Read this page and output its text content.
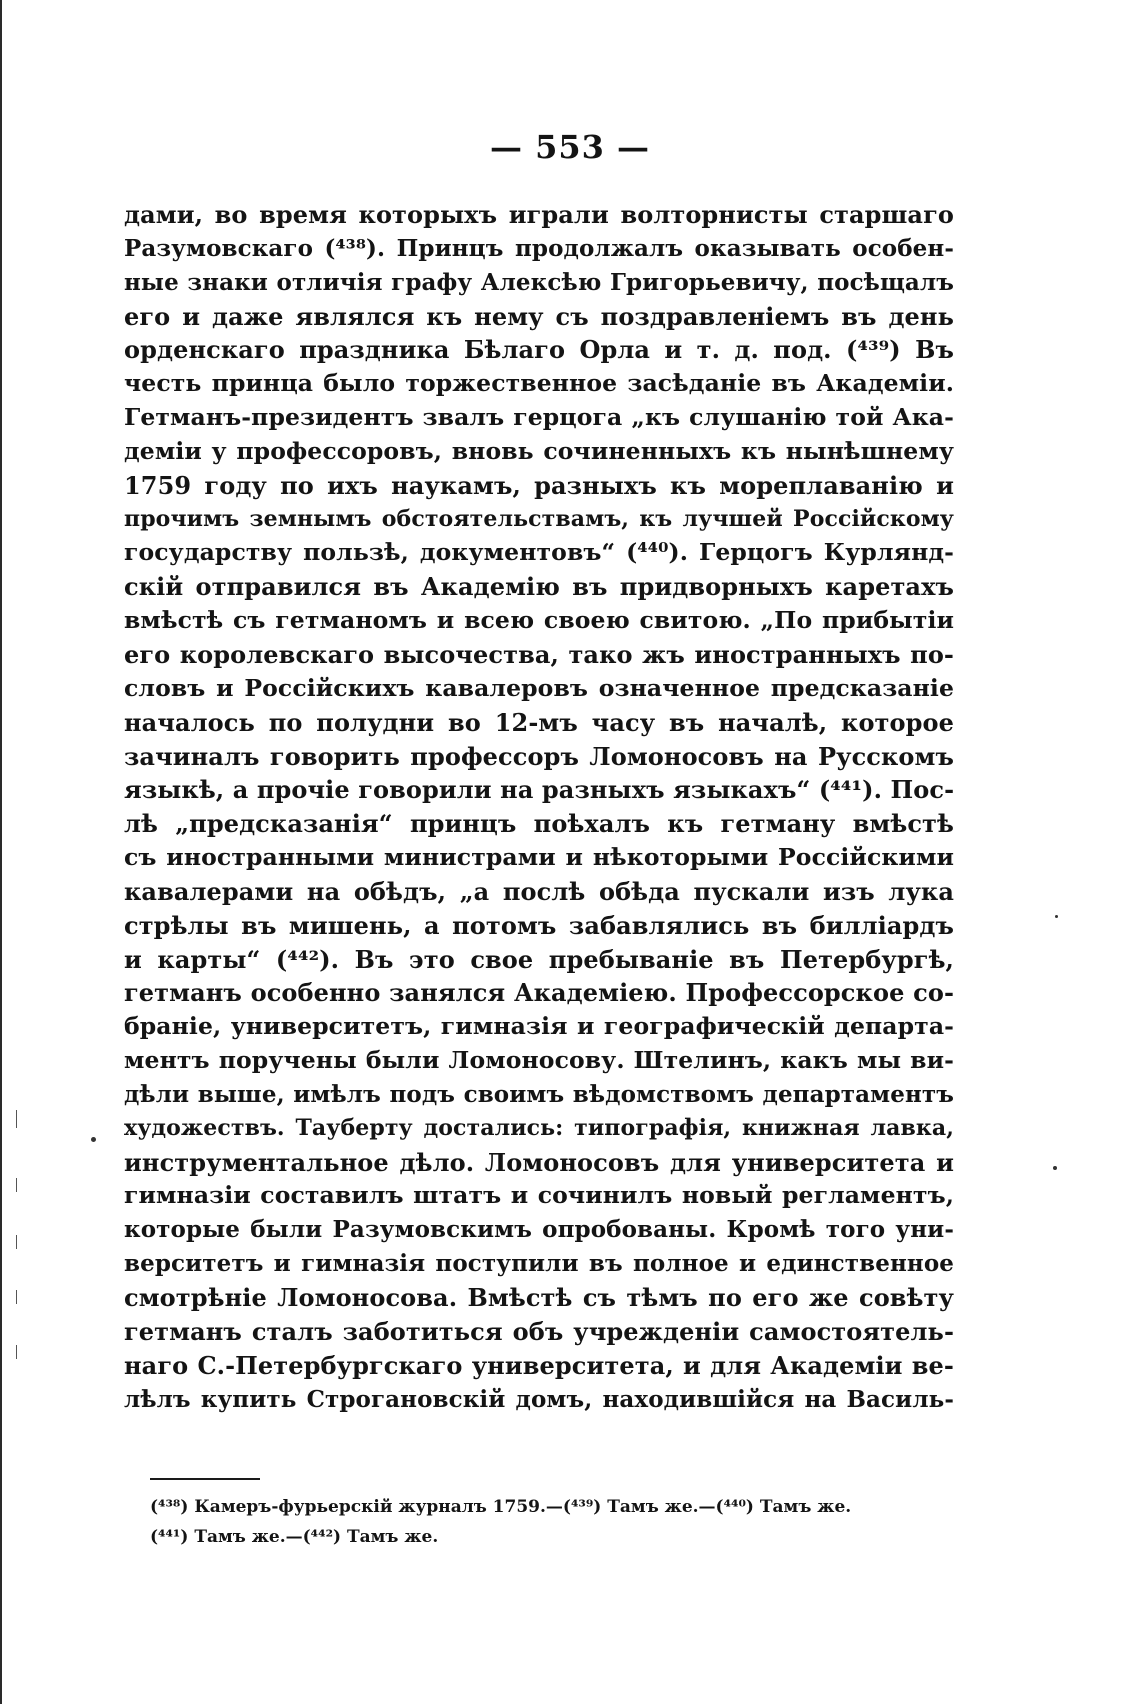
— 553 —
дами, во время которыхъ играли волторнисты старшаго
Разумовскаго (⁴³⁸). Принцъ продолжалъ оказывать особен-
ные знаки отличія графу Алексѣю Григорьевичу, посѣщалъ
его и даже являлся къ нему съ поздравленіемъ въ день
орденскаго праздника Бѣлаго Орла и т. д. под. (⁴³⁹) Въ
честь принца было торжественное засѣданіе въ Академіи.
Гетманъ-президентъ звалъ герцога „къ слушанію той Ака-
деміи у профессоровъ, вновь сочиненныхъ къ нынѣшнему
1759 году по ихъ наукамъ, разныхъ къ мореплаванію и
прочимъ земнымъ обстоятельствамъ, къ лучшей Россійскому
государству пользѣ, документовъ“ (⁴⁴⁰). Герцогъ Курлянд-
скій отправился въ Академію въ придворныхъ каретахъ
вмѣстѣ съ гетманомъ и всею своею свитою. „По прибытіи
его королевскаго высочества, тако жъ иностранныхъ по-
словъ и Россійскихъ кавалеровъ означенное предсказаніе
началось по полудни во 12-мъ часу въ началѣ, которое
зачиналъ говорить профессоръ Ломоносовъ на Русскомъ
языкѣ, а прочіе говорили на разныхъ языкахъ“ (⁴⁴¹). Пос-
лѣ „предсказанія“ принцъ поѣхалъ къ гетману вмѣстѣ
съ иностранными министрами и нѣкоторыми Россійскими
кавалерами на обѣдъ, „а послѣ обѣда пускали изъ лука
стрѣлы въ мишень, а потомъ забавлялись въ билліардъ
и карты“ (⁴⁴²). Въ это свое пребываніе въ Петербургѣ,
гетманъ особенно занялся Академіею. Профессорское со-
браніе, университетъ, гимназія и географическій департа-
ментъ поручены были Ломоносову. Штелинъ, какъ мы ви-
дѣли выше, имѣлъ подъ своимъ вѣдомствомъ департаментъ
художествъ. Тауберту достались: типографія, книжная лавка,
инструментальное дѣло. Ломоносовъ для университета и
гимназіи составилъ штатъ и сочинилъ новый регламентъ,
которые были Разумовскимъ опробованы. Кромѣ того уни-
верситетъ и гимназія поступили въ полное и единственное
смотрѣніе Ломоносова. Вмѣстѣ съ тѣмъ по его же совѣту
гетманъ сталъ заботиться объ учрежденіи самостоятель-
наго С.-Петербургскаго университета, и для Академіи ве-
лѣлъ купить Строгановскій домъ, находившійся на Василь-
(⁴³⁸) Камеръ-фурьерскій журналъ 1759.—(⁴³⁹) Тамъ же.—(⁴⁴⁰) Тамъ же.
(⁴⁴¹) Тамъ же.—(⁴⁴²) Тамъ же.
